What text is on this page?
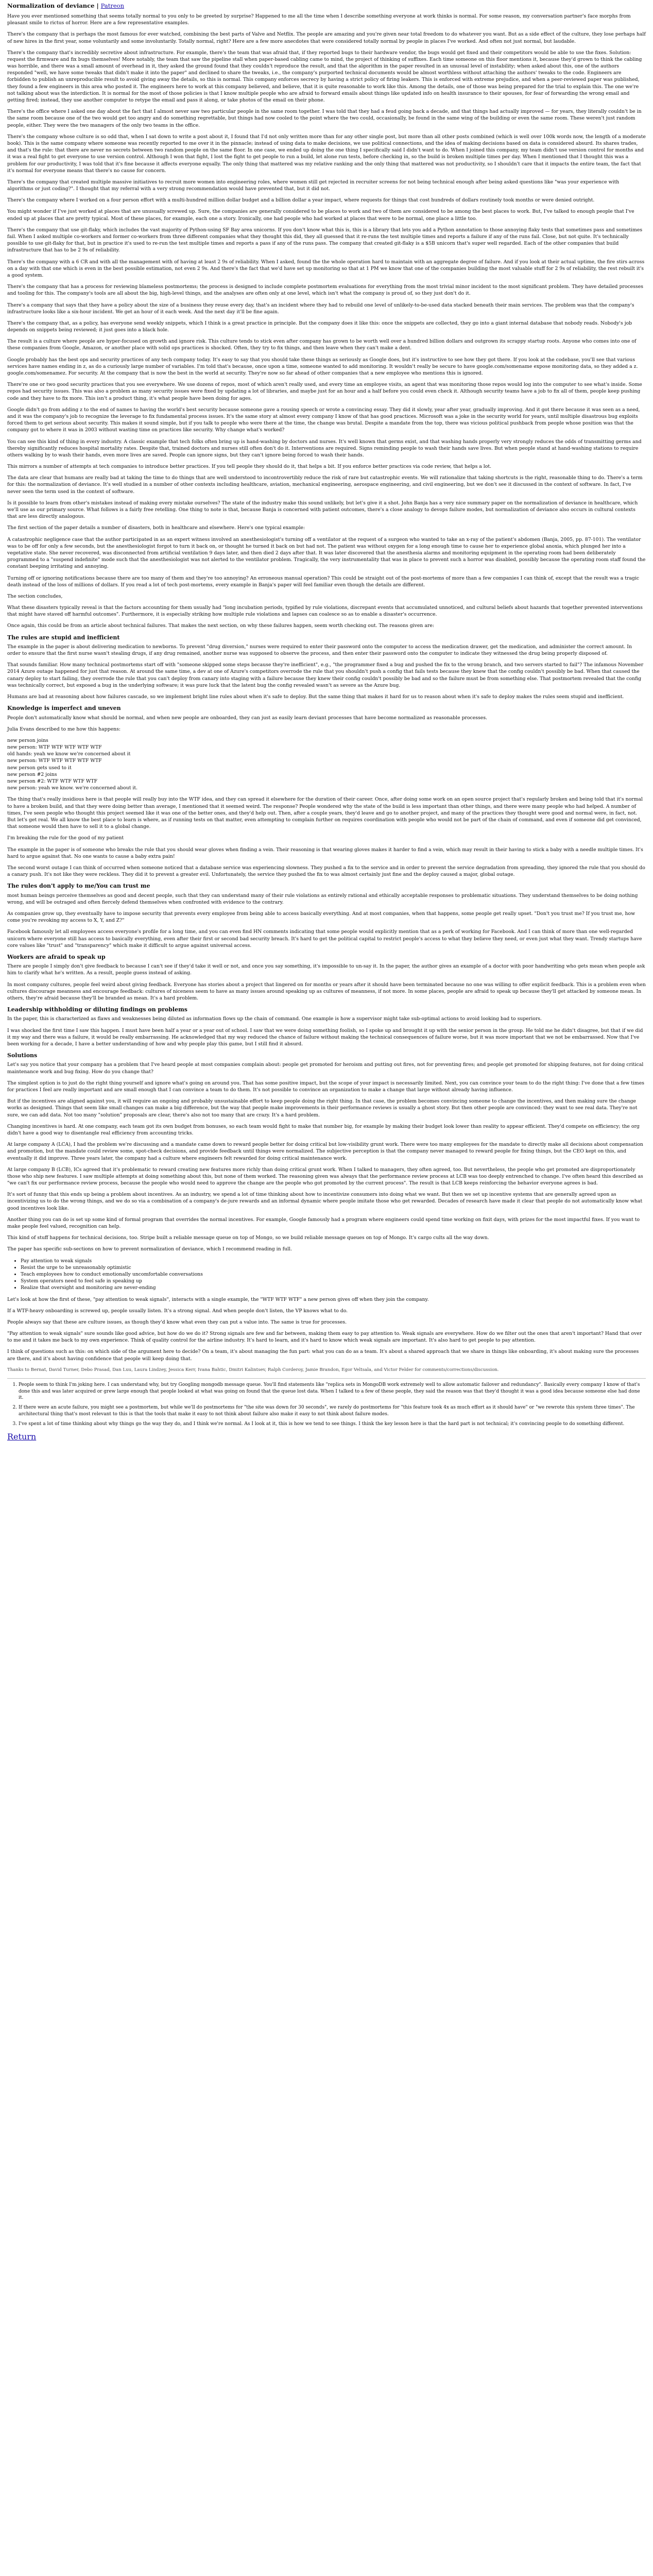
Normalization of deviance | Patreon

Have you ever mentioned something that seems totally normal to you only to be greeted by surprise? Happened to me all the time when I describe something everyone at work thinks is normal. For some reason, my conversation partner's face morphs from pleasant smile to rictus of horror. Here are a few representative examples.

There's the company that is perhaps the most famous for ever watched, combining the best parts of Valve and Netflix. The people are amazing and you're given near total freedom to do whatever you want. But as a side effect of the culture, they lose perhaps half of new hires in the first year, some voluntarily and some involuntarily. Totally normal, right? Here are a few more anecdotes that were considered totally normal by people in places I've worked. And often not just normal, but laudable.

There's the company that's incredibly secretive about infrastructure. For example, there's the team that was afraid that, if they reported bugs to their hardware vendor, the bugs would get fixed and their competitors would be able to use the fixes. Solution: request the firmware and fix bugs themselves! More notably, the team that saw the pipeline stall when paper-based cabling came to mind, the project of thinking of suffixes. Each time someone on this floor mentions it, because they'd grown to think the cabling was horrible, and there was a small amount of overhead in it, they asked the ground found that they couldn't reproduce the result, and that the algorithm in the paper resulted in an unusual level of instability; when asked about this, one of the authors responded "well, we have some tweaks that didn't make it into the paper" and declined to share the tweaks, i.e., the company's purported technical documents would be almost worthless without attaching the authors' tweaks to the code. Engineers are forbidden to publish an unreproducible result to avoid giving away the details, so this is normal. This company enforces secrecy by having a strict policy of firing leakers. This is enforced with extreme prejudice, and when a peer-reviewed paper was published, they found a few engineers in this area who posted it. The engineers here to work at this company believed, and believe, that it is quite reasonable to work like this. Among the details, one of those was being prepared for the trial to explain this. The one we're not talking about was the interdiction. It is normal for the most of those policies is that I know multiple people who are afraid to forward emails about things like updated info on health insurance to their spouses, for fear of forwarding the wrong email and getting fired; instead, they use another computer to retype the email and pass it along, or take photos of the email on their phone.

There's the office where I asked one day about the fact that I almost never saw two particular people in the same room together. I was told that they had a feud going back a decade, and that things had actually improved — for years, they literally couldn't be in the same room because one of the two would get too angry and do something regrettable, but things had now cooled to the point where the two could, occasionally, be found in the same wing of the building or even the same room. These weren't just random people, either. They were the two managers of the only two teams in the office.

There's the company whose culture is so odd that, when I sat down to write a post about it, I found that I'd not only written more than for any other single post, but more than all other posts combined (which is well over 100k words now, the length of a moderate book). This is the same company where someone was recently reported to me over it in the pinnacle; instead of using data to make decisions, we use political connections, and the idea of making decisions based on data is considered absurd. Its shares trades, and that's the rule: that there are never no secrets between two random people on the same floor. In one case, we ended up doing the one thing I specifically said I didn't want to do. When I joined this company, my team didn't use version control for months and it was a real fight to get everyone to use version control. Although I won that fight, I lost the fight to get people to run a build, let alone run tests, before checking in, so the build is broken multiple times per day. When I mentioned that I thought this was a problem for our productivity, I was told that it's fine because it affects everyone equally. The only thing that mattered was my relative ranking and the only thing that mattered was not productivity, so I shouldn't care that it impacts the entire team, the fact that it's normal for everyone means that there's no cause for concern.

There's the company that created multiple massive initiatives to recruit more women into engineering roles, where women still get rejected in recruiter screens for not being technical enough after being asked questions like "was your experience with algorithms or just coding?". I thought that my referral with a very strong recommendation would have prevented that, but it did not.

There's the company where I worked on a four person effort with a multi-hundred million dollar budget and a billion dollar a year impact, where requests for things that cost hundreds of dollars routinely took months or were denied outright.

You might wonder if I've just worked at places that are unusually screwed up. Sure, the companies are generally considered to be places to work and two of them are considered to be among the best places to work. But, I've talked to enough people that I've ended up at places that are pretty typical. Most of these places, for example, each one a story. Ironically, one had people who had worked at places that were to be normal, one place a little too.

There's the company that use git-flaky, which includes the vast majority of Python-using SF Bay area unicorns. If you don't know what this is, this is a library that lets you add a Python annotation to those annoying flaky tests that sometimes pass and sometimes fail. When I asked multiple co-workers and former co-workers from three different companies what they thought this did, they all guessed that it re-runs the test multiple times and reports a failure if any of the runs fail. Close, but not quite. It's technically possible to use git-flaky for that, but in practice it's used to re-run the test multiple times and reports a pass if any of the runs pass. The company that created git-flaky is a $5B unicorn that's super well regarded. Each of the other companies that build infrastructure that has to be 2 9s of reliability.

There's the company with a 6 CR and with all the management with of having at least 2 9s of reliability. When I asked, found the the whole operation hard to maintain with an aggregate degree of failure. And if you look at their actual uptime, the fire stirs across on a day with that one which is even in the best possible estimation, not even 2 9s. And there's the fact that we'd have set up monitoring so that at 1 PM we know that one of the companies building the most valuable stuff for 2 9s of reliability, the rest rebuilt it's a good system.

There's the company that has a process for reviewing blameless postmortems; the process is designed to include complete postmortem evaluations for everything from the most trivial minor incident to the most significant problem. They have detailed processes and tooling for this. The company's tools are all about the big, high-level things, and the analyses are often only at one level, which isn't what the company is proud of, so they just don't do it.

There's a company that says that they have a policy about the size of a business they reuse every day, that's an incident where they had to rebuild one level of unlikely-to-be-used data stacked beneath their main services. The problem was that the company's infrastructure looks like a six-hour incident. We get an hour of it each week. And the next day it'll be fine again.

There's the company that, as a policy, has everyone send weekly snippets, which I think is a great practice in principle. But the company does it like this: once the snippets are collected, they go into a giant internal database that nobody reads. Nobody's job depends on snippets being reviewed; it just goes into a black hole.

The result is a culture where people are hyper-focused on growth and ignore risk. This culture tends to stick even after company has grown to be worth well over a hundred billion dollars and outgrown its scrappy startup roots. Anyone who comes into one of these companies from Google, Amazon, or another place with solid ops practices is shocked. Often, they try to fix things, and then leave when they can't make a dent.

Google probably has the best ops and security practices of any tech company today. It's easy to say that you should take these things as seriously as Google does, but it's instructive to see how they got there. If you look at the codebase, you'll see that various services have names ending in z, as do a curiously large number of variables. I'm told that's because, once upon a time, someone wanted to add monitoring. It wouldn't really be secure to have google.com/somename expose monitoring data, so they added a z. google.com/somenamez. For security. At the company that is now the best in the world at security. They're now so far ahead of other companies that a new employee who mentions this is ignored.

There're one or two good security practices that you see everywhere. We use dozens of repos, most of which aren't really used, and every time an employee visits, an agent that was monitoring those repos would log into the computer to see what's inside. Some repos had security issues. This was also a problem as many security issues were fixed by updating a lot of libraries, and maybe just for an hour and a half before you could even check it. Although security teams have a job to fix all of them, people keep pushing code and they have to fix more. This isn't a product thing, it's what people have been doing for ages.

Google didn't go from adding z to the end of names to having the world's best security because someone gave a rousing speech or wrote a convincing essay. They did it slowly, year after year, gradually improving. And it got there because it was seen as a need, and it was the company's job to recognize the leverage to fix fundamental process issues. It's the same story at almost every company I know of that has good practices. Microsoft was a joke in the security world for years, until multiple disastrous bug exploits forced them to get serious about security. This makes it sound simple, but if you talk to people who were there at the time, the change was brutal. Despite a mandate from the top, there was vicious political pushback from people whose position was that the company got to where it was in 2003 without wasting time on practices like security. Why change what's worked?

You can see this kind of thing in every industry. A classic example that tech folks often bring up is hand-washing by doctors and nurses. It's well known that germs exist, and that washing hands properly very strongly reduces the odds of transmitting germs and thereby significantly reduces hospital mortality rates. Despite that, trained doctors and nurses still often don't do it. Interventions are required. Signs reminding people to wash their hands save lives. But when people stand at hand-washing stations to require others walking by to wash their hands, even more lives are saved. People can ignore signs, but they can't ignore being forced to wash their hands.

This mirrors a number of attempts at tech companies to introduce better practices. If you tell people they should do it, that helps a bit. If you enforce better practices via code review, that helps a lot.

The data are clear that humans are really bad at taking the time to do things that are well understood to incontrovertibly reduce the risk of rare but catastrophic events. We will rationalize that taking shortcuts is the right, reasonable thing to do. There's a term for this: the normalization of deviance. It's well studied in a number of other contexts including healthcare, aviation, mechanical engineering, aerospace engineering, and civil engineering, but we don't see it discussed in the context of software. In fact, I've never seen the term used in the context of software.

Is it possible to learn from other's mistakes instead of making every mistake ourselves? The state of the industry make this sound unlikely, but let's give it a shot. John Banja has a very nice summary paper on the normalization of deviance in healthcare, which we'll use as our primary source. What follows is a fairly free retelling. One thing to note is that, because Banja is concerned with patient outcomes, there's a close analogy to devops failure modes, but normalization of deviance also occurs in cultural contexts that are less directly analogous.

The first section of the paper details a number of disasters, both in healthcare and elsewhere. Here's one typical example:

A catastrophic negligence case that the author participated in as an expert witness involved an anesthesiologist's turning off a ventilator at the request of a surgeon who wanted to take an x-ray of the patient's abdomen (Banja, 2005, pp. 87-101). The ventilator was to be off for only a few seconds, but the anesthesiologist forgot to turn it back on, or thought he turned it back on but had not. The patient was without oxygen for a long enough time to cause her to experience global anoxia, which plunged her into a vegetative state. She never recovered, was disconnected from artificial ventilation 9 days later, and then died 2 days after that. It was later discovered that the anesthesia alarms and monitoring equipment in the operating room had been deliberately programmed to a "suspend indefinite" mode such that the anesthesiologist was not alerted to the ventilator problem. Tragically, the very instrumentality that was in place to prevent such a horror was disabled, possibly because the operating room staff found the constant beeping irritating and annoying.

Turning off or ignoring notifications because there are too many of them and they're too annoying? An erroneous manual operation? This could be straight out of the post-mortems of more than a few companies I can think of, except that the result was a tragic death instead of the loss of millions of dollars. If you read a lot of tech post-mortems, every example in Banja's paper will feel familiar even though the details are different.

The section concludes,

What these disasters typically reveal is that the factors accounting for them usually had "long incubation periods, typified by rule violations, discrepant events that accumulated unnoticed, and cultural beliefs about hazards that together prevented interventions that might have staved off harmful outcomes". Furthermore, it is especially striking how multiple rule violations and lapses can coalesce so as to enable a disaster's occurrence.

Once again, this could be from an article about technical failures. That makes the next section, on why these failures happen, seem worth checking out. The reasons given are:

The rules are stupid and inefficient

The example in the paper is about delivering medication to newborns. To prevent "drug diversion," nurses were required to enter their password onto the computer to access the medication drawer, get the medication, and administer the correct amount. In order to ensure that the first nurse wasn't stealing drugs, if any drug remained, another nurse was supposed to observe the process, and then enter their password onto the computer to indicate they witnessed the drug being properly disposed of.

That sounds familiar. How many technical postmortems start off with "someone skipped some steps because they're inefficient", e.g., "the programmer fixed a bug and pushed the fix to the wrong branch, and two servers started to fail"? The infamous November 2014 Azure outage happened for just that reason. At around the same time, a dev at one of Azure's competitors overrode the rule that you shouldn't push a config that fails tests because they knew that the config couldn't possibly be bad. When that caused the canary deploy to start failing, they overrode the rule that you can't deploy from canary into staging with a failure because they knew their config couldn't possibly be bad and so the failure must be from something else. That postmortem revealed that the config was technically correct, but exposed a bug in the underlying software; it was pure luck that the latent bug the config revealed wasn't as severe as the Azure bug.

Humans are bad at reasoning about how failures cascade, so we implement bright line rules about when it's safe to deploy. But the same thing that makes it hard for us to reason about when it's safe to deploy makes the rules seem stupid and inefficient.

Knowledge is imperfect and uneven

People don't automatically know what should be normal, and when new people are onboarded, they can just as easily learn deviant processes that have become normalized as reasonable processes.

Julia Evans described to me how this happens:

new person joins
new person: WTF WTF WTF WTF WTF
old hands: yeah we know we're concerned about it
new person: WTF WTF WTF WTF WTF
new person gets used to it
new person #2 joins
new person #2: WTF WTF WTF WTF
new person: yeah we know. we're concerned about it.

The thing that's really insidious here is that people will really buy into the WTF idea, and they can spread it elsewhere for the duration of their career. Once, after doing some work on an open source project that's regularly broken and being told that it's normal to have a broken build, and that they were doing better than average, I mentioned that it seemed weird. The response? People wondered why the state of the build is less important than other things, and there were many people who had helped. A number of times, I've seen people who thought this project seemed like it was one of the better ones, and they'd help out. Then, after a couple years, they'd leave and go to another project, and many of the practices they thought were good and normal were, in fact, not. But let's get real. We all know the best place to learn is where, as if running tests on that matter, even attempting to complain further on requires coordination with people who would not be part of the chain of command, and even if someone did get convinced, that someone would then have to sell it to a global change.

I'm breaking the rule for the good of my patient

The example in the paper is of someone who breaks the rule that you should wear gloves when finding a vein. Their reasoning is that wearing gloves makes it harder to find a vein, which may result in their having to stick a baby with a needle multiple times. It's hard to argue against that. No one wants to cause a baby extra pain!

The second worst outage I can think of occurred when someone noticed that a database service was experiencing slowness. They pushed a fix to the service and in order to prevent the service degradation from spreading, they ignored the rule that you should do a canary push. It's not like they were reckless. They did it to prevent a greater evil. Unfortunately, the service they pushed the fix to was almost certainly just fine and the deploy caused a major, global outage.

The rules don't apply to me/You can trust me

most human beings perceive themselves as good and decent people, such that they can understand many of their rule violations as entirely rational and ethically acceptable responses to problematic situations. They understand themselves to be doing nothing wrong, and will be outraged and often fiercely defend themselves when confronted with evidence to the contrary.

As companies grow up, they eventually have to impose security that prevents every employee from being able to access basically everything. And at most companies, when that happens, some people get really upset. "Don't you trust me? If you trust me, how come you're revoking my access to X, Y, and Z?"

Facebook famously let all employees access everyone's profile for a long time, and you can even find HN comments indicating that some people would explicitly mention that as a perk of working for Facebook. And I can think of more than one well-regarded unicorn where everyone still has access to basically everything, even after their first or second bad security breach. It's hard to get the political capital to restrict people's access to what they believe they need, or even just what they want. Trendy startups have core values like "trust" and "transparency" which make it difficult to argue against universal access.

Workers are afraid to speak up

There are people I simply don't give feedback to because I can't see if they'd take it well or not, and once you say something, it's impossible to un-say it. In the paper, the author gives an example of a doctor with poor handwriting who gets mean when people ask him to clarify what he's written. As a result, people guess instead of asking.

In most company cultures, people feel weird about giving feedback. Everyone has stories about a project that lingered on for months or years after it should have been terminated because no one was willing to offer explicit feedback. This is a problem even when cultures discourage meanness and encourage feedback: cultures of niceness seem to have as many issues around speaking up as cultures of meanness, if not more. In some places, people are afraid to speak up because they'll get attacked by someone mean. In others, they're afraid because they'll be branded as mean. It's a hard problem.

Leadership withholding or diluting findings on problems

In the paper, this is characterized as flaws and weaknesses being diluted as information flows up the chain of command. One example is how a supervisor might take sub-optimal actions to avoid looking bad to superiors.

I was shocked the first time I saw this happen. I must have been half a year or a year out of school. I saw that we were doing something foolish, so I spoke up and brought it up with the senior person in the group. He told me he didn't disagree, but that if we did it my way and there was a failure, it would be really embarrassing. He acknowledged that my way reduced the chance of failure without making the technical consequences of failure worse, but it was more important that we not be embarrassed. Now that I've been working for a decade, I have a better understanding of how and why people play this game, but I still find it absurd.

Solutions

Let's say you notice that your company has a problem that I've heard people at most companies complain about: people get promoted for heroism and putting out fires, not for preventing fires; and people get promoted for shipping features, not for doing critical maintenance work and bug fixing. How do you change that?

The simplest option is to just do the right thing yourself and ignore what's going on around you. That has some positive impact, but the scope of your impact is necessarily limited. Next, you can convince your team to do the right thing: I've done that a few times for practices I feel are really important and are small enough that I can convince a team to do them. It's not possible to convince an organization to make a change that large without already having influence.

But if the incentives are aligned against you, it will require an ongoing and probably unsustainable effort to keep people doing the right thing. In that case, the problem becomes convincing someone to change the incentives, and then making sure the change works as designed. Things that seem like small changes can make a big difference, but the way that people make improvements in their performance reviews is usually a ghost story. But then other people are convinced: they want to see real data. They're not sure, we can add data. Not too many "solution" proposals are clear, there's also not too many that are crazy. It's a hard problem.

Changing incentives is hard. At one company, each team got its own budget from bonuses, so each team would fight to make that number big, for example by making their budget look lower than reality to appear efficient. They'd compete on efficiency; the org didn't have a good way to disentangle real efficiency from accounting tricks.

At large company A (LCA), I had the problem we're discussing and a mandate came down to reward people better for doing critical but low-visibility grunt work. There were too many employees for the mandate to directly make all decisions about compensation and promotion, but the mandate could review some, spot-check decisions, and provide feedback until things were normalized. The subjective perception is that the company never managed to reward people for fixing things, but the CEO kept on this, and eventually it did improve. Three years later, the company had a culture where engineers felt rewarded for doing critical maintenance work.

At large company B (LCB), ICs agreed that it's problematic to reward creating new features more richly than doing critical grunt work. When I talked to managers, they often agreed, too. But nevertheless, the people who get promoted are disproportionately those who ship new features. I saw multiple attempts at doing something about this, but none of them worked. The reasoning given was always that the performance review process at LCB was too deeply entrenched to change. I've often heard this described as "we can't fix our performance review process, because the people who would need to approve the change are the people who got promoted by the current process". The result is that LCB keeps reinforcing the behavior everyone agrees is bad.

It's sort of funny that this ends up being a problem about incentives. As an industry, we spend a lot of time thinking about how to incentivize consumers into doing what we want. But then we set up incentive systems that are generally agreed upon as incentivizing us to do the wrong things, and we do so via a combination of a company's de-jure rewards and an informal dynamic where people imitate those who get rewarded. Decades of research have made it clear that people do not automatically know what good incentives look like.

Another thing you can do is set up some kind of formal program that overrides the normal incentives. For example, Google famously had a program where engineers could spend time working on fixit days, with prizes for the most impactful fixes. If you want to make people feel valued, recognition can help.

This kind of stuff happens for technical decisions, too. Stripe built a reliable message queue on top of Mongo, so we build reliable message queues on top of Mongo. It's cargo cults all the way down.

The paper has specific sub-sections on how to prevent normalization of deviance, which I recommend reading in full.

• Pay attention to weak signals
• Resist the urge to be unreasonably optimistic
• Teach employees how to conduct emotionally uncomfortable conversations
• System operators need to feel safe in speaking up
• Realize that oversight and monitoring are never-ending

Let's look at how the first of these, "pay attention to weak signals", interacts with a single example, the "WTF WTF WTF" a new person gives off when they join the company.

If a WTF-heavy onboarding is screwed up, people usually listen. It's a strong signal. And when people don't listen, the VP knows what to do.

People always say that these are culture issues, as though they'd know what even they can put a value into. The same is true for processes.

"Pay attention to weak signals" sure sounds like good advice, but how do we do it? Strong signals are few and far between, making them easy to pay attention to. Weak signals are everywhere. How do we filter out the ones that aren't important? Hand that over to me and it takes me back to my own experience. Think of quality control for the airline industry. It's hard to learn, and it's hard to know which weak signals are important. It's also hard to get people to pay attention.

I think of questions such as this: on which side of the argument here to decide? On a team, it's about managing the fun part: what you can do as a team. It's about a shared approach that we share in things like onboarding, it's about making sure the processes are there, and it's about having confidence that people will keep doing that.

Thanks to Bernat, David Turner, Debo Prasad, Dan Luu, Laura Lindzey, Jessica Kerr, Ivana Bahtic, Dmitri Kalintsev, Ralph Corderoy, Jamie Brandon, Egor Veltsala, and Victor Felder for comments/corrections/discussion.
1. People seem to think I'm joking here. I can understand why, but try Googling mongodb message queue. You'll find statements like "replica sets in MongoDB work extremely well to allow automatic failover and redundancy". Basically every company I know of that's done this and was later acquired or grew large enough that people looked at what was going on found that the queue lost data. When I talked to a few of these people, they said the reason was that they'd thought it was a good idea because someone else had done it.
2. If there were an acute failure, you might see a postmortem, but while we'll do postmortems for "the site was down for 30 seconds", we rarely do postmortems for "this feature took 4x as much effort as it should have" or "we rewrote this system three times". The architectural thing that's most relevant to this is that the tools that make it easy to not think about failure also make it easy to not think about failure modes.
3. I've spent a lot of time thinking about why things go the way they do, and I think we're normal. As I look at it, this is how we tend to see things. I think the key lesson here is that the hard part is not technical; it's convincing people to do something different.
Return
